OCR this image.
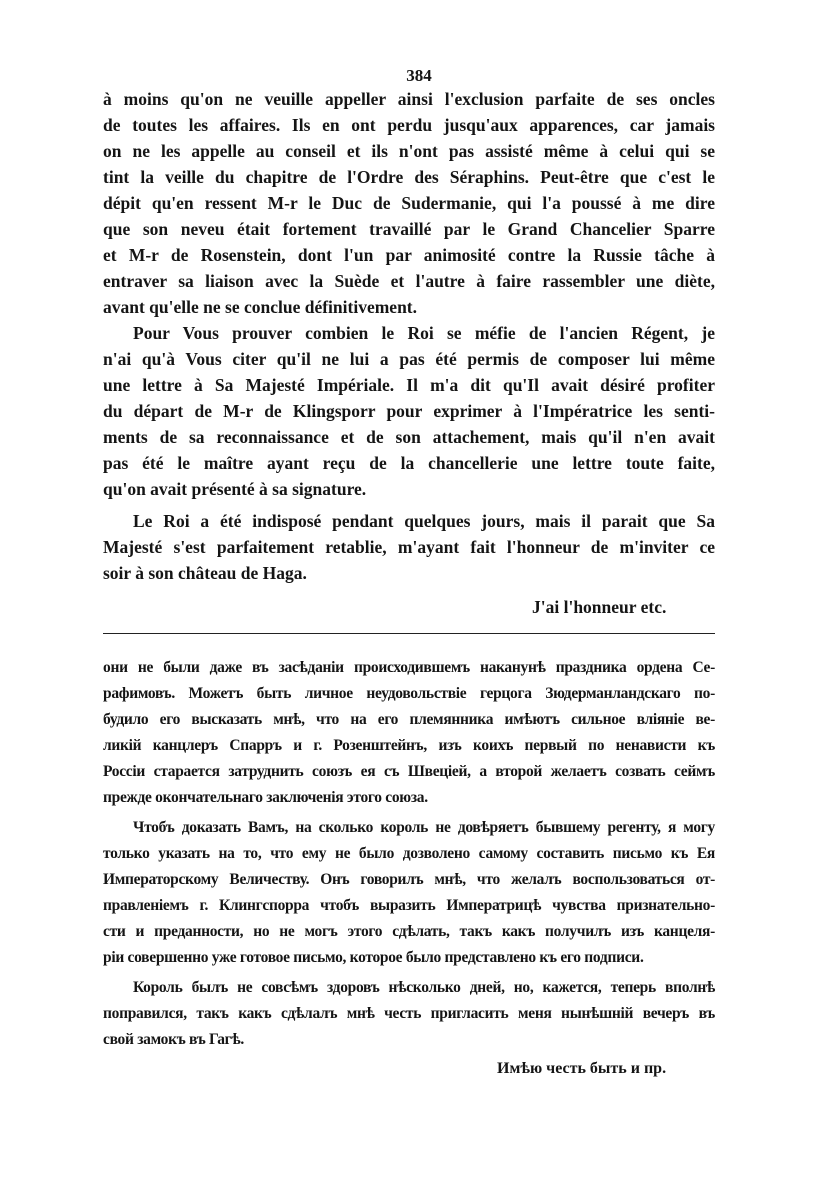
384
à moins qu'on ne veuille appeller ainsi l'exclusion parfaite de ses oncles
de toutes les affaires. Ils en ont perdu jusqu'aux apparences, car jamais
on ne les appelle au conseil et ils n'ont pas assisté même à celui qui se
tint la veille du chapitre de l'Ordre des Séraphins. Peut-être que c'est le
dépit qu'en ressent M-r le Duc de Sudermanie, qui l'a poussé à me dire
que son neveu était fortement travaillé par le Grand Chancelier Sparre
et M-r de Rosenstein, dont l'un par animosité contre la Russie tâche à
entraver sa liaison avec la Suède et l'autre à faire rassembler une diète,
avant qu'elle ne se conclue définitivement.
Pour Vous prouver combien le Roi se méfie de l'ancien Régent, je
n'ai qu'à Vous citer qu'il ne lui a pas été permis de composer lui même
une lettre à Sa Majesté Impériale. Il m'a dit qu'Il avait désiré profiter
du départ de M-r de Klingsporr pour exprimer à l'Impératrice les senti-
ments de sa reconnaissance et de son attachement, mais qu'il n'en avait
pas été le maître ayant reçu de la chancellerie une lettre toute faite,
qu'on avait présenté à sa signature.
Le Roi a été indisposé pendant quelques jours, mais il parait que Sa
Majesté s'est parfaitement retablie, m'ayant fait l'honneur de m'inviter ce
soir à son château de Haga.
J'ai l'honneur etc.
они не были даже въ засѣданіи происходившемъ наканунѣ праздника ордена Се-
рафимовъ. Можетъ быть личное неудовольствіе герцога Зюдерманландскаго по-
будило его высказать мнѣ, что на его племянника имѣютъ сильное вліяніе ве-
ликій канцлеръ Спарръ и г. Розенштейнъ, изъ коихъ первый по ненависти къ
Россіи старается затруднить союзъ ея съ Швеціей, а второй желаетъ созвать сеймъ
прежде окончательнаго заключенія этого союза.
Чтобъ доказать Вамъ, на сколько король не довѣряетъ бывшему регенту, я могу
только указать на то, что ему не было дозволено самому составить письмо къ Ея
Императорскому Величеству. Онъ говорилъ мнѣ, что желалъ воспользоваться от-
правленіемъ г. Клингспорра чтобъ выразить Императрицѣ чувства признательно-
сти и преданности, но не могъ этого сдѣлать, такъ какъ получилъ изъ канцеля-
ріи совершенно уже готовое письмо, которое было представлено къ его подписи.
Король былъ не совсѣмъ здоровъ нѣсколько дней, но, кажется, теперь вполнѣ
поправился, такъ какъ сдѣлалъ мнѣ честь пригласить меня нынѣшній вечеръ въ
свой замокъ въ Гагѣ.
Имѣю честь быть и пр.
